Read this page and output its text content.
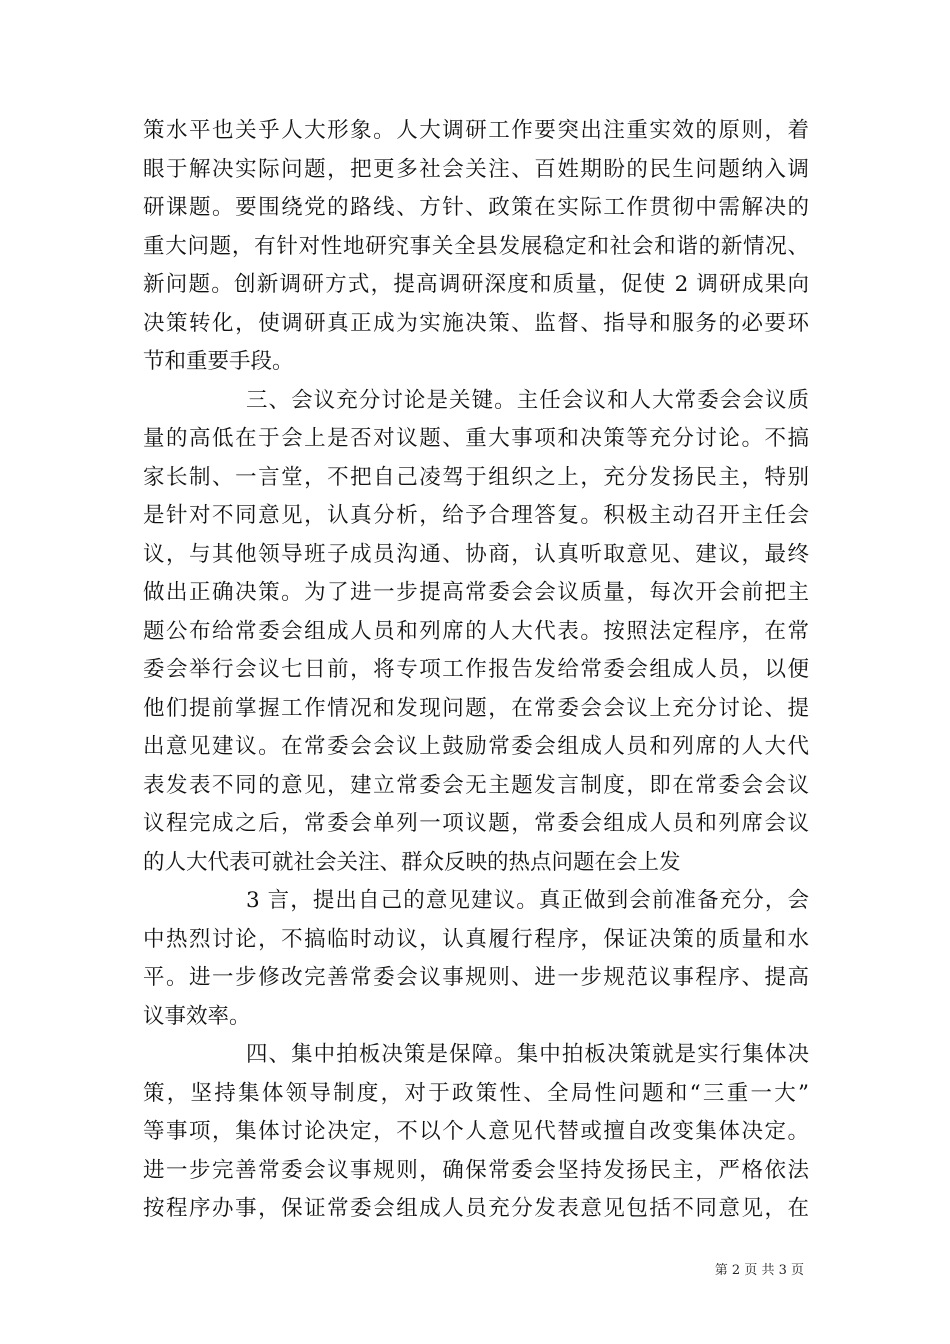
策水平也关乎人大形象。人大调研工作要突出注重实效的原则，着
眼于解决实际问题，把更多社会关注、百姓期盼的民生问题纳入调
研课题。要围绕党的路线、方针、政策在实际工作贯彻中需解决的
重大问题，有针对性地研究事关全县发展稳定和社会和谐的新情况、
新问题。创新调研方式，提高调研深度和质量，促使 2 调研成果向
决策转化，使调研真正成为实施决策、监督、指导和服务的必要环
节和重要手段。
三、会议充分讨论是关键。主任会议和人大常委会会议质
量的高低在于会上是否对议题、重大事项和决策等充分讨论。不搞
家长制、一言堂，不把自己凌驾于组织之上，充分发扬民主，特别
是针对不同意见，认真分析，给予合理答复。积极主动召开主任会
议，与其他领导班子成员沟通、协商，认真听取意见、建议，最终
做出正确决策。为了进一步提高常委会会议质量，每次开会前把主
题公布给常委会组成人员和列席的人大代表。按照法定程序，在常
委会举行会议七日前，将专项工作报告发给常委会组成人员，以便
他们提前掌握工作情况和发现问题，在常委会会议上充分讨论、提
出意见建议。在常委会会议上鼓励常委会组成人员和列席的人大代
表发表不同的意见，建立常委会无主题发言制度，即在常委会会议
议程完成之后，常委会单列一项议题，常委会组成人员和列席会议
的人大代表可就社会关注、群众反映的热点问题在会上发
3 言，提出自己的意见建议。真正做到会前准备充分，会
中热烈讨论，不搞临时动议，认真履行程序，保证决策的质量和水
平。进一步修改完善常委会议事规则、进一步规范议事程序、提高
议事效率。
四、集中拍板决策是保障。集中拍板决策就是实行集体决
策，坚持集体领导制度，对于政策性、全局性问题和“三重一大”
等事项，集体讨论决定，不以个人意见代替或擅自改变集体决定。
进一步完善常委会议事规则，确保常委会坚持发扬民主，严格依法
按程序办事，保证常委会组成人员充分发表意见包括不同意见，在
第 2 页 共 3 页
